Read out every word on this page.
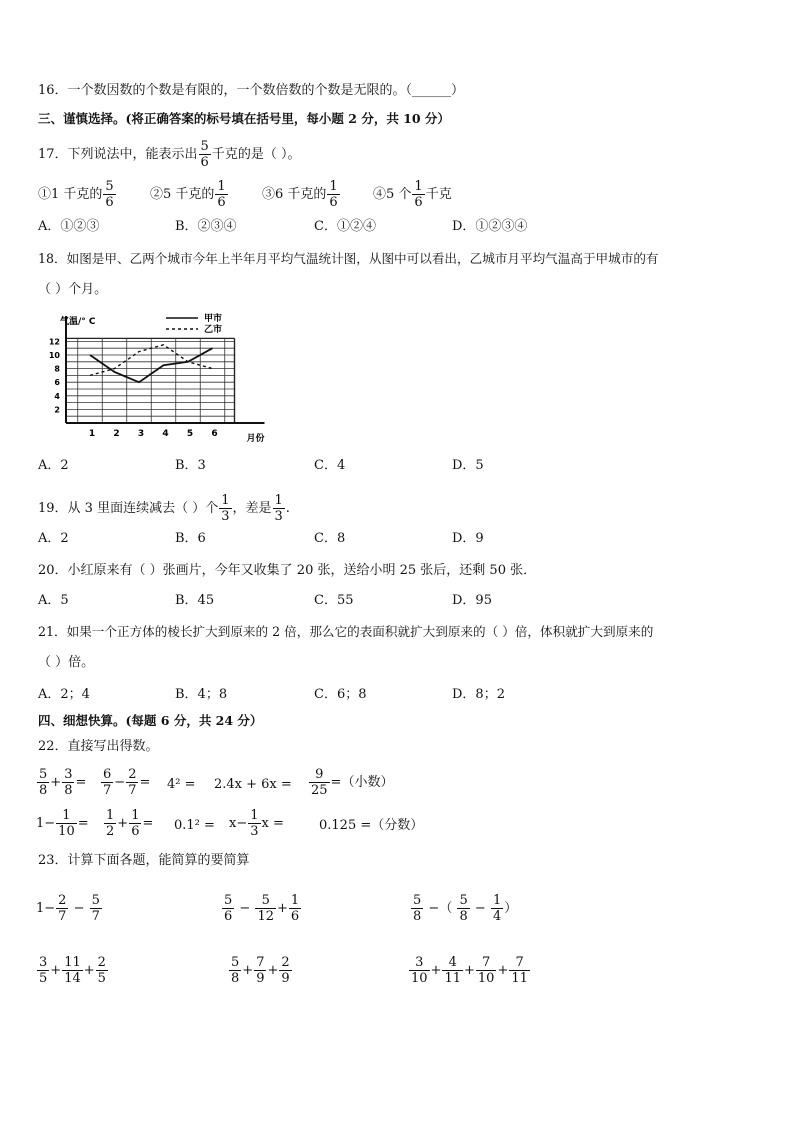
16．一个数因数的个数是有限的，一个数倍数的个数是无限的。（______）
三、谨慎选择。(将正确答案的标号填在括号里，每小题 2 分，共 10 分）
17．下列说法中，能表示出 $\frac{5}{6}$ 千克的是（ ）。
①1 千克的 $\frac{5}{6}$	②5 千克的 $\frac{1}{6}$	③6 千克的 $\frac{1}{6}$	④5 个 $\frac{1}{6}$ 千克
A．①②③	B．②③④	C．①②④	D．①②③④
18．如图是甲、乙两个城市今年上半年月平均气温统计图，从图中可以看出，乙城市月平均气温高于甲城市的有
（ ）个月。
2
4
6
8
10
12
1 2 3 4 5 6
气温/° C
月份
甲市
乙市
A．2	B．3	C．4	D．5
19．从 3 里面连续减去（ ）个 $\frac{1}{3}$ ，差是 $\frac{1}{3}$ .
A．2	B．6	C．8	D．9
20．小红原来有（ ）张画片，今年又收集了 20 张，送给小明 25 张后，还剩 50 张．
A．5	B．45	C．55	D．95
21．如果一个正方体的棱长扩大到原来的 2 倍，那么它的表面积就扩大到原来的（ ）倍，体积就扩大到原来的
（ ）倍。
A．2；4	B．4；8	C．6；8	D．8；2
四、细想快算。(每题 6 分，共 24 分）
22．直接写出得数。
$\frac{5}{8} + \frac{3}{8} = \frac{6}{7} - \frac{2}{7} = 4^2 = 2.4x + 6x = \frac{9}{25}$ =（小数）
$1- \frac{1}{10} = \frac{1}{2} + \frac{1}{6} = 0.1^2 = x- \frac{1}{3}$ x =	0.125 =（分数）
23．计算下面各题，能简算的要简算
$1- \frac{2}{7} - \frac{5}{7}$	$\frac{5}{6} - \frac{5}{12} + \frac{1}{6}$	$\frac{5}{8}$ −（ $\frac{5}{8} - \frac{1}{4}$ ）
$\frac{3}{5} + \frac{11}{14} + \frac{2}{5}$	$\frac{5}{8} + \frac{7}{9} + \frac{2}{9}$	$\frac{3}{10} + \frac{4}{11} + \frac{7}{10} + \frac{7}{11}$
